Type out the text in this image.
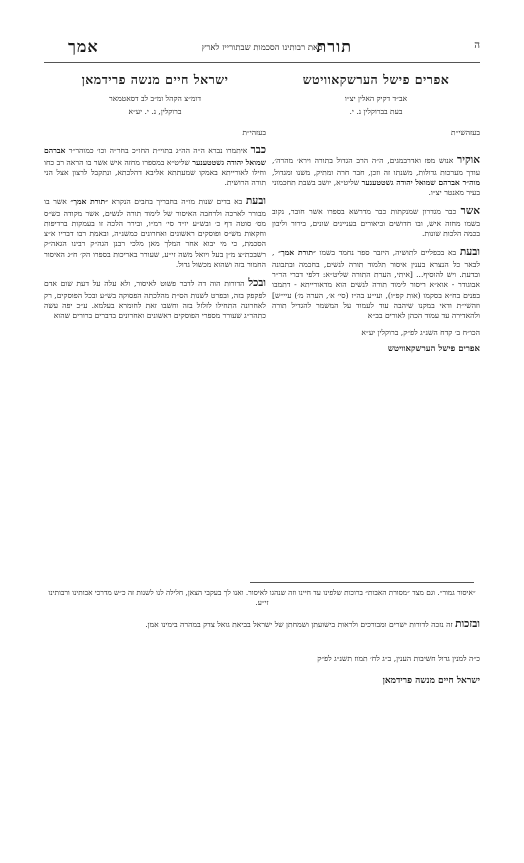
ה
תורת
באת רבותינו הסכמות שבתורייז לארץ
אמך
אפרים פישל הערשקאוויטש
אב״ד דקיק האלין יצ״ו
בעת בברוקלין נ. י.
ישראל חיים מנשה פרידמאן
דומ״צ הקהל ומ״ב לב דסאטמאר
ברוקלין, נ. י. יע״א
בעזהשי״ת

אוקיר אנוש מפז ואדרבמגים, ה״ה הרב הגדול בתורה וירא׳ מהרה׳, עודך מערכות גדולות, משנתו זה וזכן, חבר חרה ומתיק, משנו ומגדול, מוה״ר אברהם שמואל יהודה גשטטענער שליט״א, יושב בשבת תחכמוני בעיר מאנטר יצ״ו.

אשר כבר מגדרון שמנקתות כבר מדרשא בספרו אשר חובר, נקוב בשמו מחזה איש, ובו חדושים וביאורים בעניינים שונים, בירור וליבון בכמה הלכות שונות.

ובעת בא בכפליים לתושיה, היזבר ספר נחמד בשמו ״תורת אמך״ , לבאר כל הנצרא בענין איסור תלמוד תורה לנשים, בחכמה ובתבונה ובדעת. ויש להוסיף... [איתי, הערת התורה שליט״א: דלפי דברי הר״ר אבוגודר - אוא״א ריסור לימוד תורה לנשים הוא מדאורייתא - דתמבו בפנים בח״א בסקמו (אות קפ״ו), ועי״ע בה״ז (סי׳ א׳, הערה מ׳) עיי״ש] וזהשי״ת ודאי במקנו שיהבה עוד לעמוד על המשמר להגדיל תורה ולהאדירה עד עמוד הכהן לאורים בב״א

הכו״ח ב׳ קדח השנ״ג לפ״ק, ברוקלין יע״א
אפרים פישל הערשקאוויטש
בעזהי״ת

כבר איתמרו נברא ה״ה הה״ג בתוי״ת החו״כ בחר״ה וכו׳ כמוהר״ר אברהם שמואל יהודה גשטטענער שליט״א במספרו מחזה איש אשר בו הראה רב כחו וחילו לאורייתא באמקו שמעתתא אליבא דהלכתא, ונתקבל לרצון אצל הני תורה הרושית.

ובעת בא בדים שנות מו״ה בחבריך בחבים הנקרא ״תורת אמך״ אשר בו מבורר לארכה ולרחבה האיסור של לימוד תורה לנשים, אשר מקודה כש״ס מס׳ סוטה דף כ׳ ובש״ע יו״ד סי׳ רמ״ו, ובירר הלכה זו בעמקות ברדיפות וחקאות מש״ס ופוסקים ראשונים ואחרונים כמשנ״ה, ובאמת רבו דבריו א״צ הסכמת, כי מי יבוא אחר המלך מאן מלכי רבנן הגה״ק רבינו הגאה״ק רשבכת״צ מ״ן בעל ויואל משה זי״ע, שעורר באריכות בספרו הק׳ ח״ג האיסור החמור בזה ושהוא מכשול גדול.

ובכל הדורות הוה דה לדבר פשוט לאיסור, ולא עלה על דעת שום אדם לפקפק בזה, ובפרט לשנות הס״ת מהלכתה הפסוקה בש״ע ובכל הפוסקים, רק לאחרונה התחילו לזלזל בזה וחשבו זאת לחומרא בעלמא. ע״כ יפה עשה כתהר״ג שעורר מספרי הפוסקים ראשונים ואחרונים בדברים ברורים שהוא

״איסור גמור״. וגם מצד ״מסורת האבות״ ברוכות שלפינו עד חיינו וזה שנהגו לאיסור. ואנו לך בעקבי הצאן, חלילה לנו לשנות זה כ״ש מדרכי אבותינו ורבותינו זי״ע.
ובזכות זה נזכה לדורות ישרים ומבורכים ולראות בישועתן ושמחתן של ישראל בביאת גואל צדק במהרה בימינו אמן.
כ״ה למנין גדול חשיבות הענין, ב״ג לח׳ תמוז תשנ״ג לפ״ק
ישראל חיים מנשה פרידמאן
